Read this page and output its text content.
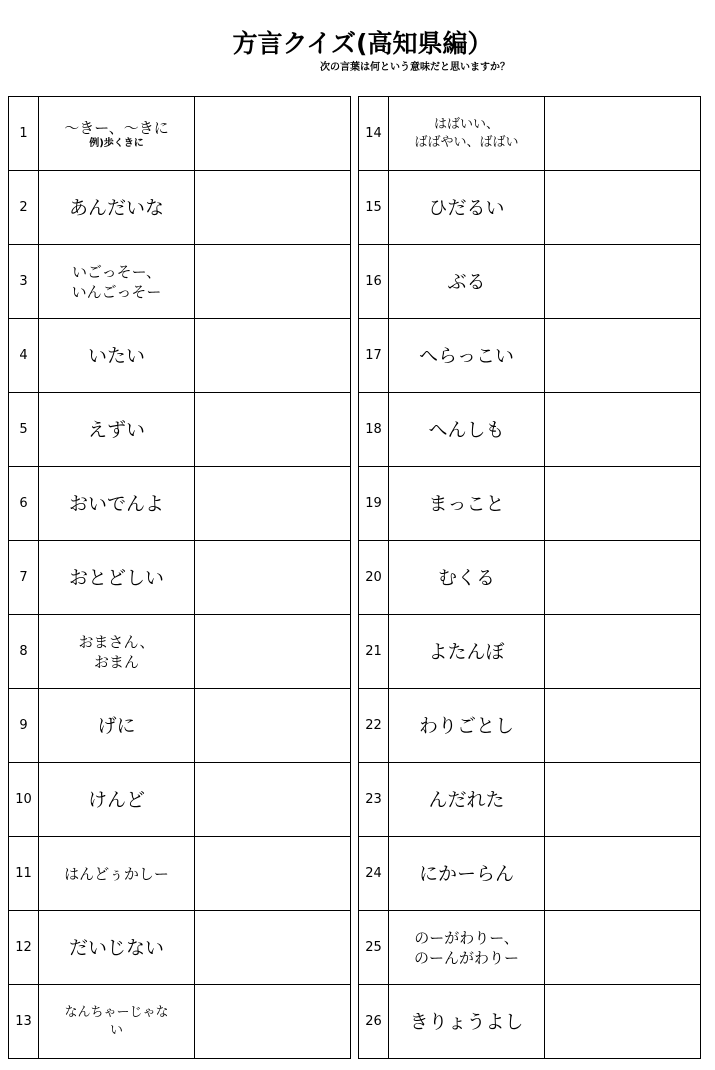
方言クイズ(高知県編）
次の言葉は何という意味だと思いますか？
1	～きー、～きに
例)歩くきに	

2	あんだいな	

3	いごっそー、
いんごっそー	

4	いたい	

5	えずい	

6	おいでんよ	

7	おとどしい	

8	おまさん、
おまん	

9	げに	

10	けんど	

11	はんどぅかしー	

12	だいじない	

13	なんちゃーじゃな
い	

14	はばいい、
ばばやい、ばばい	

15	ひだるい	

16	ぶる	

17	へらっこい	

18	へんしも	

19	まっこと	

20	むくる	

21	よたんぼ	

22	わりごとし	

23	んだれた	

24	にかーらん	

25	のーがわりー、
のーんがわりー	

26	きりょうよし	
